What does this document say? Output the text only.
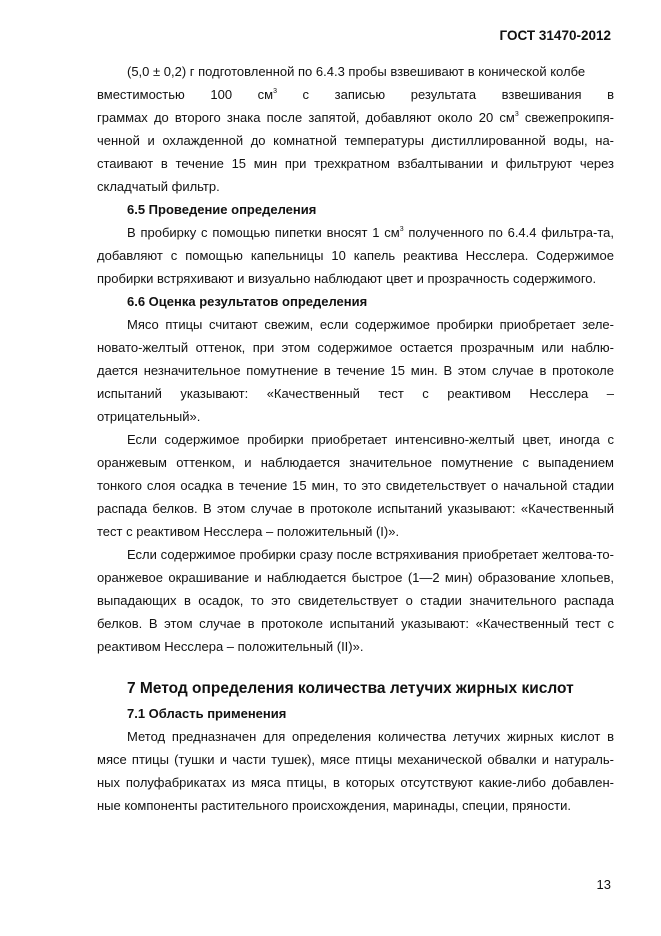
ГОСТ 31470-2012

(5,0 ± 0,2) г подготовленной по 6.4.3 пробы взвешивают в конической колбе

вместимостью 100 $см^3$ с записью результата взвешивания в

граммах до второго знака после запятой, добавляют около 20 $см^3$ свежепрокипя-

ченной и охлажденной до комнатной температуры дистиллированной воды, на-стаивают в течение 15 мин при трехкратном взбалтывании и фильтруют через складчатый фильтр.

6.5 Проведение определения

В пробирку с помощью пипетки вносят 1 $см^3$ полученного по 6.4.4 фильтра-та, добавляют с помощью капельницы 10 капель реактива Несслера. Содержимое пробирки встряхивают и визуально наблюдают цвет и прозрачность содержимого.

6.6 Оценка результатов определения

Мясо птицы считают свежим, если содержимое пробирки приобретает зеле-новато-желтый оттенок, при этом содержимое остается прозрачным или наблю-дается незначительное помутнение в течение 15 мин. В этом случае в протоколе испытаний указывают: «Качественный тест с реактивом Несслера – отрицательный».

Если содержимое пробирки приобретает интенсивно-желтый цвет, иногда с оранжевым оттенком, и наблюдается значительное помутнение с выпадением тонкого слоя осадка в течение 15 мин, то это свидетельствует о начальной стадии распада белков. В этом случае в протоколе испытаний указывают: «Качественный тест с реактивом Несслера – положительный (I)».

Если содержимое пробирки сразу после встряхивания приобретает желтова-то-оранжевое окрашивание и наблюдается быстрое (1—2 мин) образование хлопьев, выпадающих в осадок, то это свидетельствует о стадии значительного распада белков. В этом случае в протоколе испытаний указывают: «Качественный тест с реактивом Несслера – положительный (II)».

7 Метод определения количества летучих жирных кислот
7.1 Область применения

Метод предназначен для определения количества летучих жирных кислот в мясе птицы (тушки и части тушек), мясе птицы механической обвалки и натураль-ных полуфабрикатах из мяса птицы, в которых отсутствуют какие-либо добавлен-ные компоненты растительного происхождения, маринады, специи, пряности.

13
